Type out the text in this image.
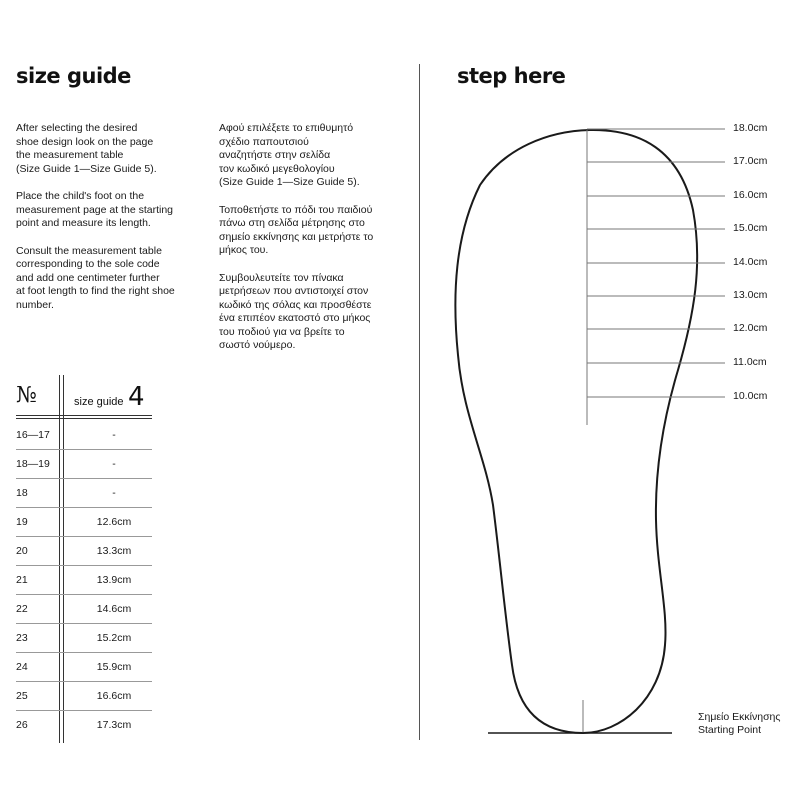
size guide

After selecting the desired
shoe design look on the page
the measurement table
(Size Guide 1—Size Guide 5).

Place the child's foot on the
measurement page at the starting
point and measure its length.

Consult the measurement table
corresponding to the sole code
and add one centimeter further
at foot length to find the right shoe
number.

Αφού επιλέξετε το επιθυμητό
σχέδιο παπουτσιού
αναζητήστε στην σελίδα
τον κωδικό μεγεθολογίου
(Size Guide 1—Size Guide 5).

Τοποθετήστε το πόδι του παιδιού
πάνω στη σελίδα μέτρησης στο
σημείο εκκίνησης και μετρήστε το
μήκος του.

Συμβουλευτείτε τον πίνακα
μετρήσεων που αντιστοιχεί στον
κωδικό της σόλας και προσθέστε
ένα επιπέον εκατοστό στο μήκος
του ποδιού για να βρείτε το
σωστό νούμερο.

№	size guide 4
16—17	-
18—19	-
18	-
19	12.6cm
20	13.3cm
21	13.9cm
22	14.6cm
23	15.2cm
24	15.9cm
25	16.6cm
26	17.3cm
step here
18.0cm
17.0cm
16.0cm
15.0cm
14.0cm
13.0cm
12.0cm
11.0cm
10.0cm
Σημείο Εκκίνησης
Starting Point
